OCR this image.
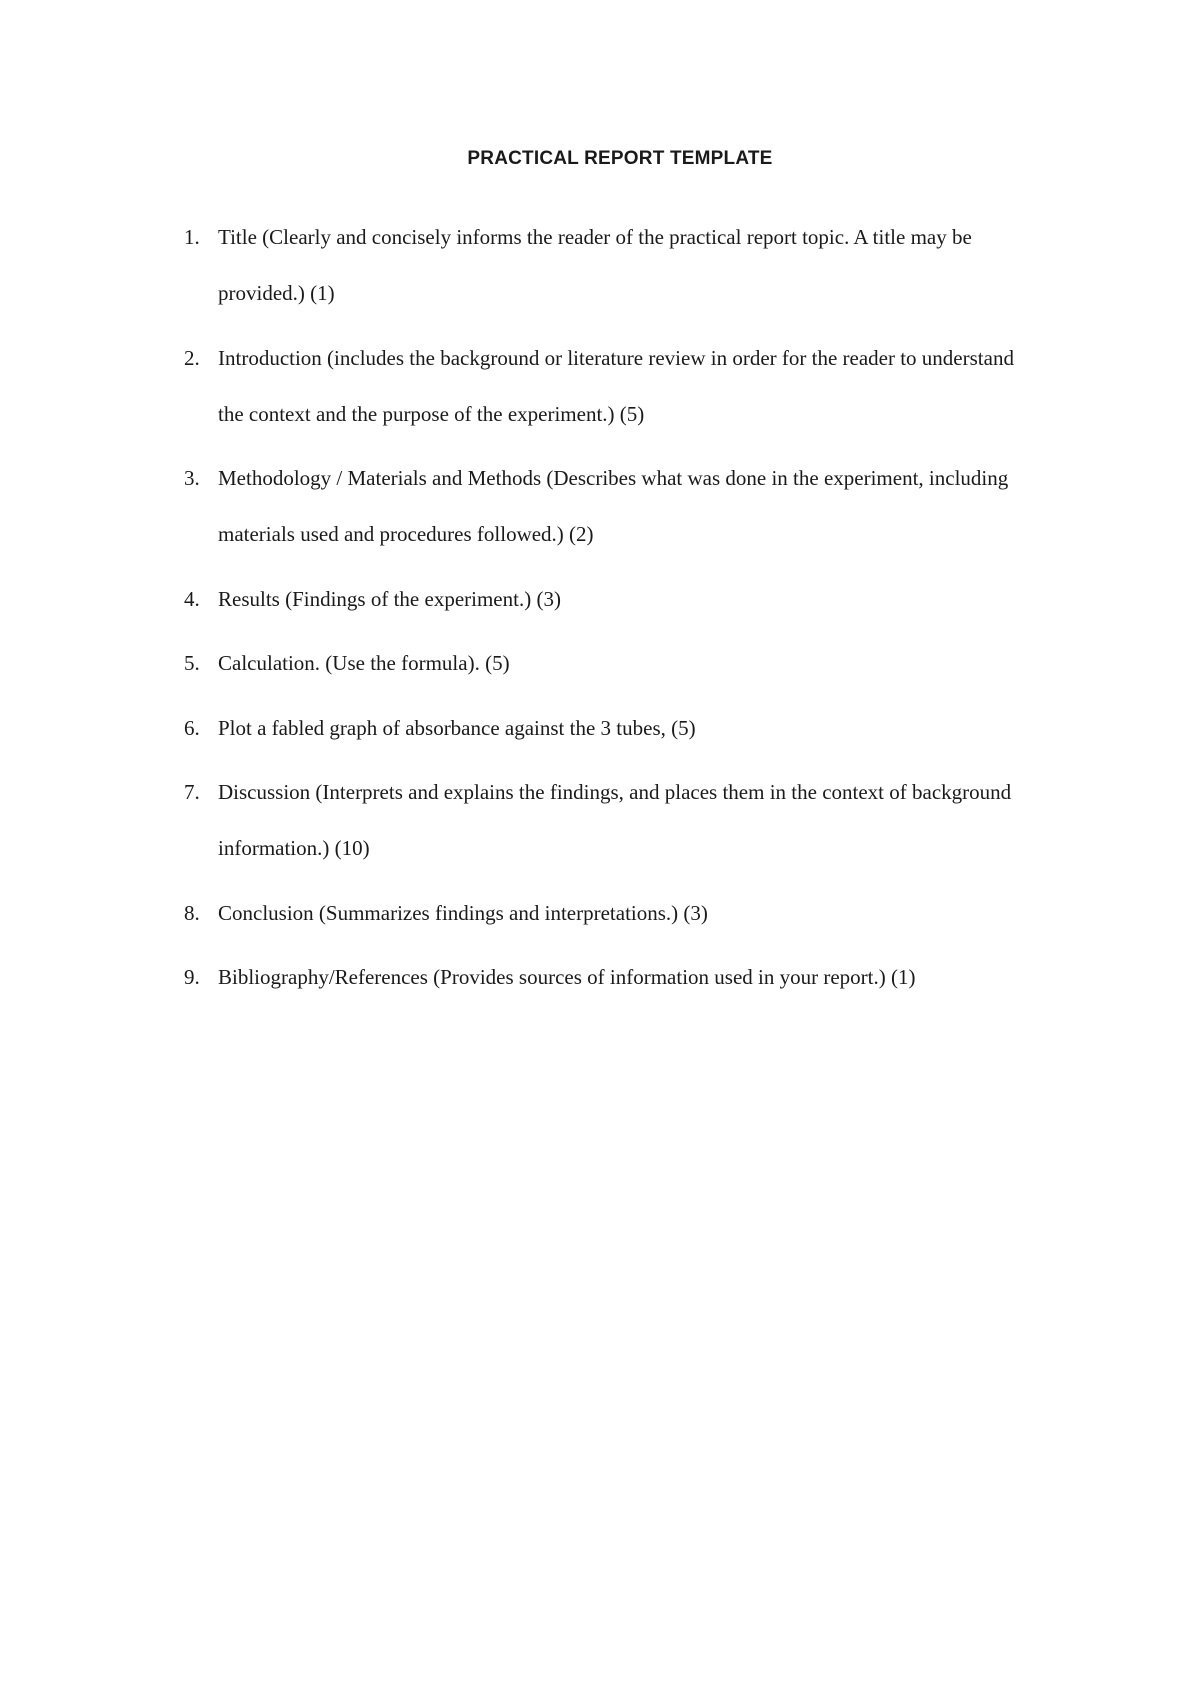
PRACTICAL REPORT TEMPLATE
1. Title (Clearly and concisely informs the reader of the practical report topic. A title may be provided.) (1)
2. Introduction (includes the background or literature review in order for the reader to understand the context and the purpose of the experiment.) (5)
3. Methodology / Materials and Methods (Describes what was done in the experiment, including materials used and procedures followed.) (2)
4. Results (Findings of the experiment.) (3)
5. Calculation. (Use the formula). (5)
6. Plot a fabled graph of absorbance against the 3 tubes, (5)
7. Discussion (Interprets and explains the findings, and places them in the context of background information.) (10)
8. Conclusion (Summarizes findings and interpretations.) (3)
9. Bibliography/References (Provides sources of information used in your report.) (1)
